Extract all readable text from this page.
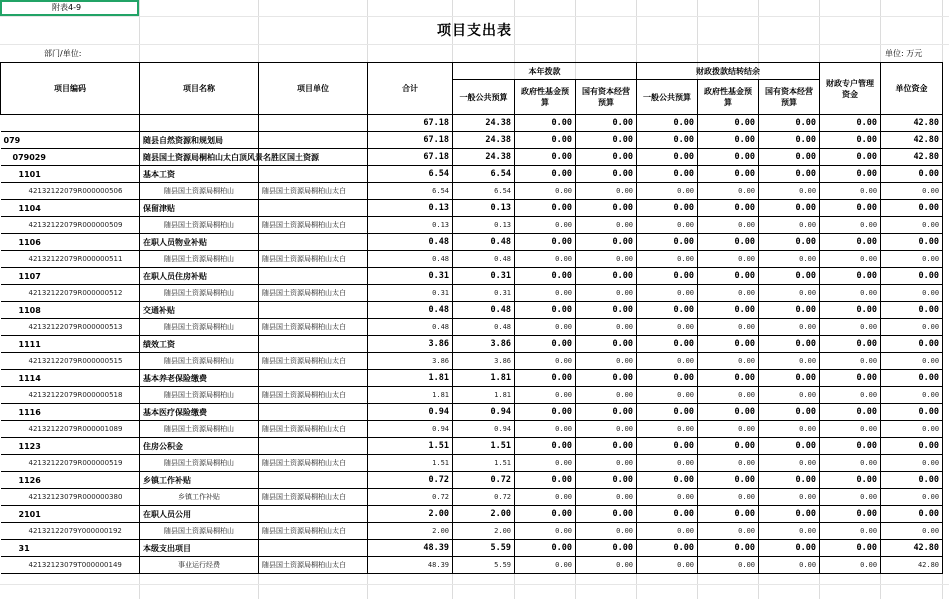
附表4-9
项目支出表
部门/单位:	单位: 万元
项目编码	项目名称	项目单位	合计	本年拨款			财政拨款结转结余			财政专户管理资金	单位资金
				一般公共预算	政府性基金预算	国有资本经营预算	一般公共预算	政府性基金预算	国有资本经营预算		
			67.18	24.38	0.00	0.00	0.00	0.00	0.00	0.00	42.80
079	随县自然资源和规划局		67.18	24.38	0.00	0.00	0.00	0.00	0.00	0.00	42.80
079029	随县国土资源局桐柏山太白顶风景名胜区国土资源		67.18	24.38	0.00	0.00	0.00	0.00	0.00	0.00	42.80
1101	基本工资		6.54	6.54	0.00	0.00	0.00	0.00	0.00	0.00	0.00
42132122079R000000506	随县国土资源局桐柏山	随县国土资源局桐柏山太白	6.54	6.54	0.00	0.00	0.00	0.00	0.00	0.00	0.00
1104	保留津贴		0.13	0.13	0.00	0.00	0.00	0.00	0.00	0.00	0.00
42132122079R000000509	随县国土资源局桐柏山	随县国土资源局桐柏山太白	0.13	0.13	0.00	0.00	0.00	0.00	0.00	0.00	0.00
1106	在职人员物业补贴		0.48	0.48	0.00	0.00	0.00	0.00	0.00	0.00	0.00
42132122079R000000511	随县国土资源局桐柏山	随县国土资源局桐柏山太白	0.48	0.48	0.00	0.00	0.00	0.00	0.00	0.00	0.00
1107	在职人员住房补贴		0.31	0.31	0.00	0.00	0.00	0.00	0.00	0.00	0.00
42132122079R000000512	随县国土资源局桐柏山	随县国土资源局桐柏山太白	0.31	0.31	0.00	0.00	0.00	0.00	0.00	0.00	0.00
1108	交通补贴		0.48	0.48	0.00	0.00	0.00	0.00	0.00	0.00	0.00
42132122079R000000513	随县国土资源局桐柏山	随县国土资源局桐柏山太白	0.48	0.48	0.00	0.00	0.00	0.00	0.00	0.00	0.00
1111	绩效工资		3.86	3.86	0.00	0.00	0.00	0.00	0.00	0.00	0.00
42132122079R000000515	随县国土资源局桐柏山	随县国土资源局桐柏山太白	3.86	3.86	0.00	0.00	0.00	0.00	0.00	0.00	0.00
1114	基本养老保险缴费		1.81	1.81	0.00	0.00	0.00	0.00	0.00	0.00	0.00
42132122079R000000518	随县国土资源局桐柏山	随县国土资源局桐柏山太白	1.81	1.81	0.00	0.00	0.00	0.00	0.00	0.00	0.00
1116	基本医疗保险缴费		0.94	0.94	0.00	0.00	0.00	0.00	0.00	0.00	0.00
42132122079R000001089	随县国土资源局桐柏山	随县国土资源局桐柏山太白	0.94	0.94	0.00	0.00	0.00	0.00	0.00	0.00	0.00
1123	住房公积金		1.51	1.51	0.00	0.00	0.00	0.00	0.00	0.00	0.00
42132122079R000000519	随县国土资源局桐柏山	随县国土资源局桐柏山太白	1.51	1.51	0.00	0.00	0.00	0.00	0.00	0.00	0.00
1126	乡镇工作补贴		0.72	0.72	0.00	0.00	0.00	0.00	0.00	0.00	0.00
42132123079R000000380	乡镇工作补贴	随县国土资源局桐柏山太白	0.72	0.72	0.00	0.00	0.00	0.00	0.00	0.00	0.00
2101	在职人员公用		2.00	2.00	0.00	0.00	0.00	0.00	0.00	0.00	0.00
42132122079Y000000192	随县国土资源局桐柏山	随县国土资源局桐柏山太白	2.00	2.00	0.00	0.00	0.00	0.00	0.00	0.00	0.00
31	本级支出项目		48.39	5.59	0.00	0.00	0.00	0.00	0.00	0.00	42.80
42132123079T000000149	事业运行经费	随县国土资源局桐柏山太白	48.39	5.59	0.00	0.00	0.00	0.00	0.00	0.00	42.80
